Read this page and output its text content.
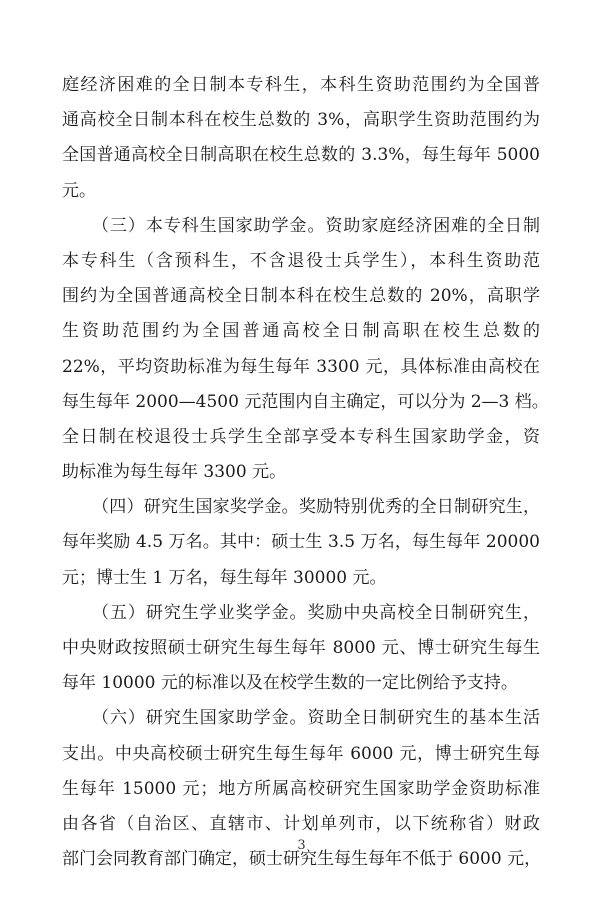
庭经济困难的全日制本专科生，本科生资助范围约为全国普
通高校全日制本科在校生总数的 3%，高职学生资助范围约为
全国普通高校全日制高职在校生总数的 3.3%，每生每年 5000
元。
（三）本专科生国家助学金。资助家庭经济困难的全日制
本专科生（含预科生，不含退役士兵学生），本科生资助范
围约为全国普通高校全日制本科在校生总数的 20%，高职学
生资助范围约为全国普通高校全日制高职在校生总数的
22%，平均资助标准为每生每年 3300 元，具体标准由高校在
每生每年 2000—4500 元范围内自主确定，可以分为 2—3 档。
全日制在校退役士兵学生全部享受本专科生国家助学金，资
助标准为每生每年 3300 元。
（四）研究生国家奖学金。奖励特别优秀的全日制研究生，
每年奖励 4.5 万名。其中：硕士生 3.5 万名，每生每年 20000
元；博士生 1 万名，每生每年 30000 元。
（五）研究生学业奖学金。奖励中央高校全日制研究生，
中央财政按照硕士研究生每生每年 8000 元、博士研究生每生
每年 10000 元的标准以及在校学生数的一定比例给予支持。
（六）研究生国家助学金。资助全日制研究生的基本生活
支出。中央高校硕士研究生每生每年 6000 元，博士研究生每
生每年 15000 元；地方所属高校研究生国家助学金资助标准
由各省（自治区、直辖市、计划单列市，以下统称省）财政
部门会同教育部门确定，硕士研究生每生每年不低于 6000 元，
3
